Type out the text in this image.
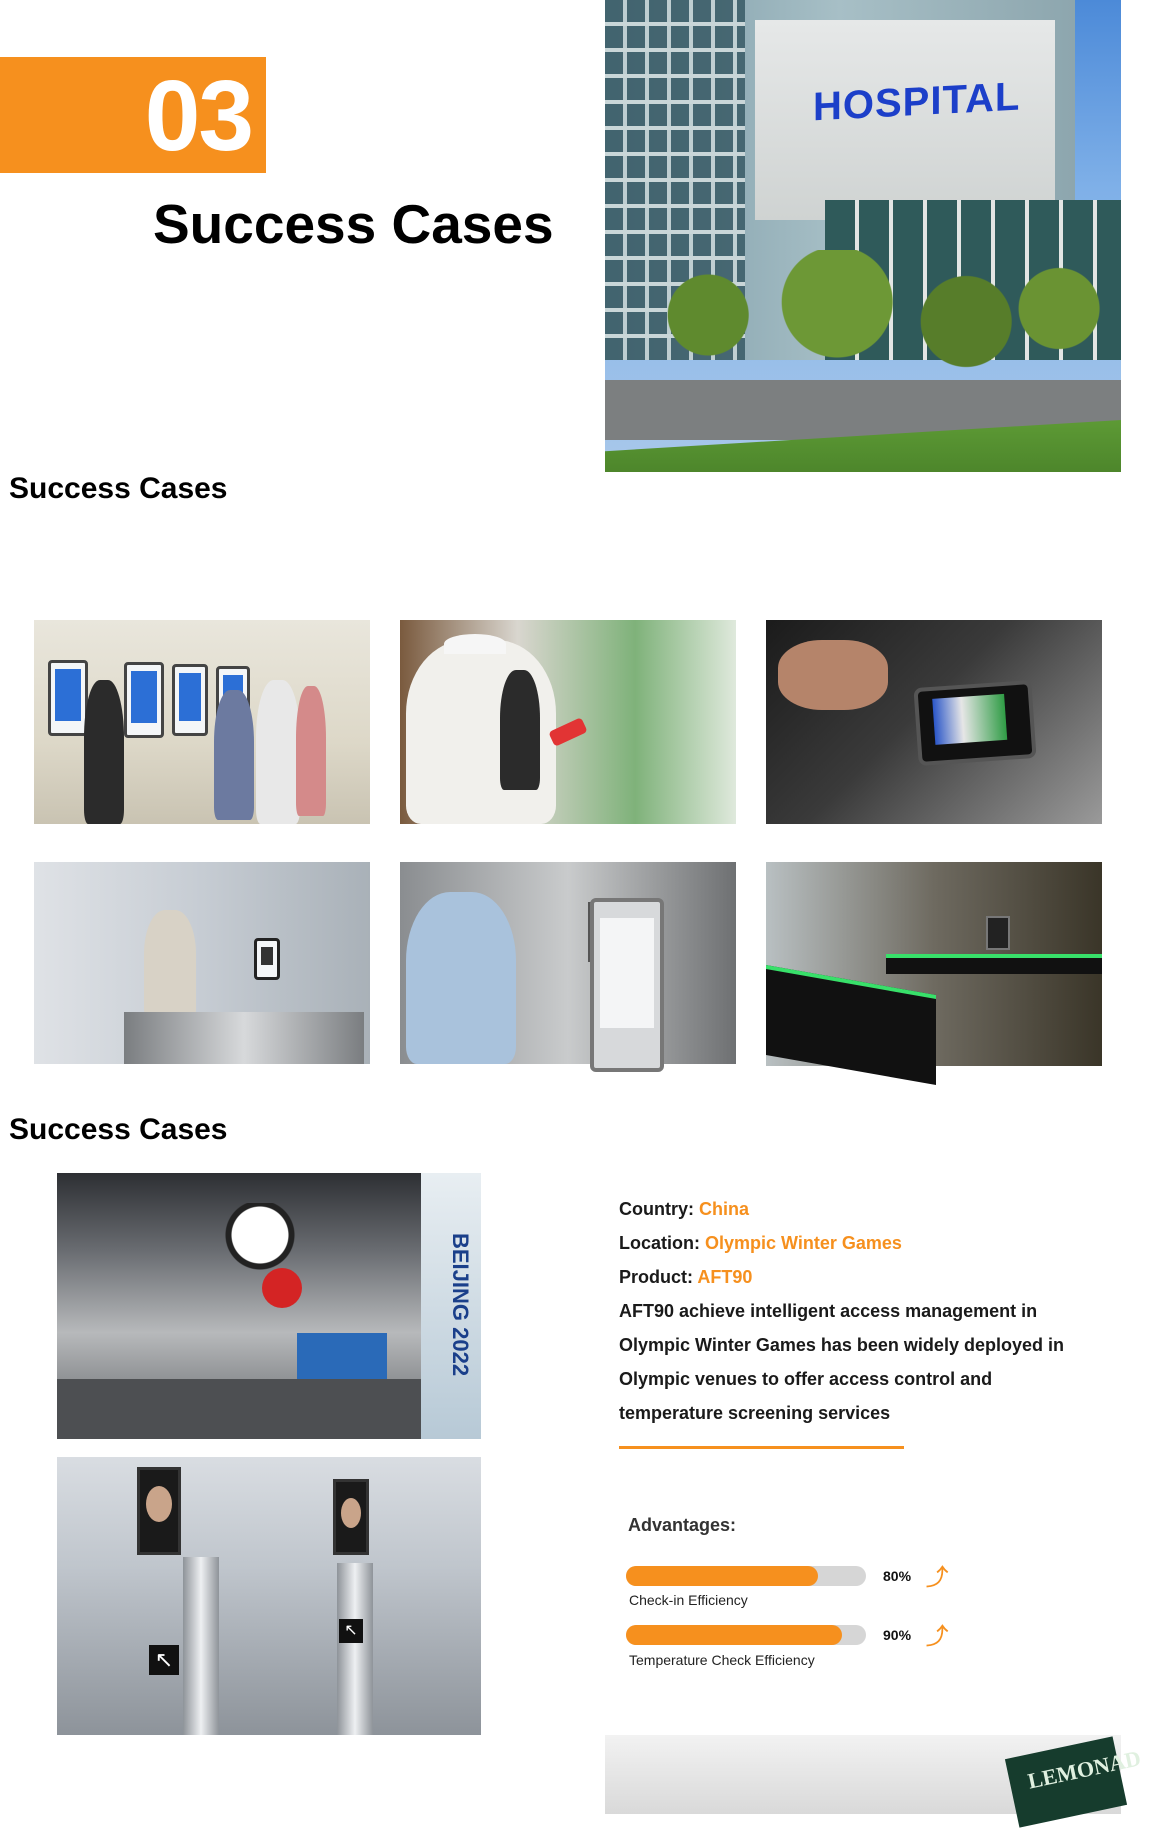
03
Success Cases
HOSPITAL
Success Cases
Success Cases
BEIJING 2022
↖
↖
LEMONAD
Country: China
Location: Olympic Winter Games
Product: AFT90
AFT90 achieve intelligent access management in
Olympic Winter Games has been widely deployed in
Olympic venues to offer access control and
temperature screening services
Advantages:
80% ⤴
Check-in Efficiency
90% ⤴
Temperature Check Efficiency
